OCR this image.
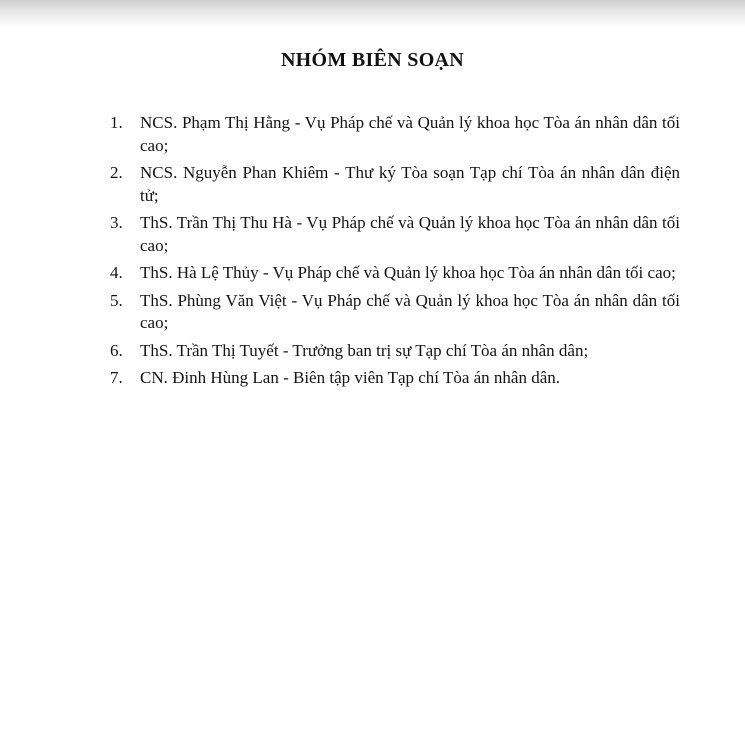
NHÓM BIÊN SOẠN
1.	NCS. Phạm Thị Hằng - Vụ Pháp chế và Quản lý khoa học Tòa án nhân dân tối cao;
2.	NCS. Nguyễn Phan Khiêm - Thư ký Tòa soạn Tạp chí Tòa án nhân dân điện tử;
3.	ThS. Trần Thị Thu Hà - Vụ Pháp chế và Quản lý khoa học Tòa án nhân dân tối cao;
4.	ThS. Hà Lệ Thủy - Vụ Pháp chế và Quản lý khoa học Tòa án nhân dân tối cao;
5.	ThS. Phùng Văn Việt - Vụ Pháp chế và Quản lý khoa học Tòa án nhân dân tối cao;
6.	ThS. Trần Thị Tuyết - Trưởng ban trị sự Tạp chí Tòa án nhân dân;
7.	CN. Đinh Hùng Lan - Biên tập viên Tạp chí Tòa án nhân dân.
